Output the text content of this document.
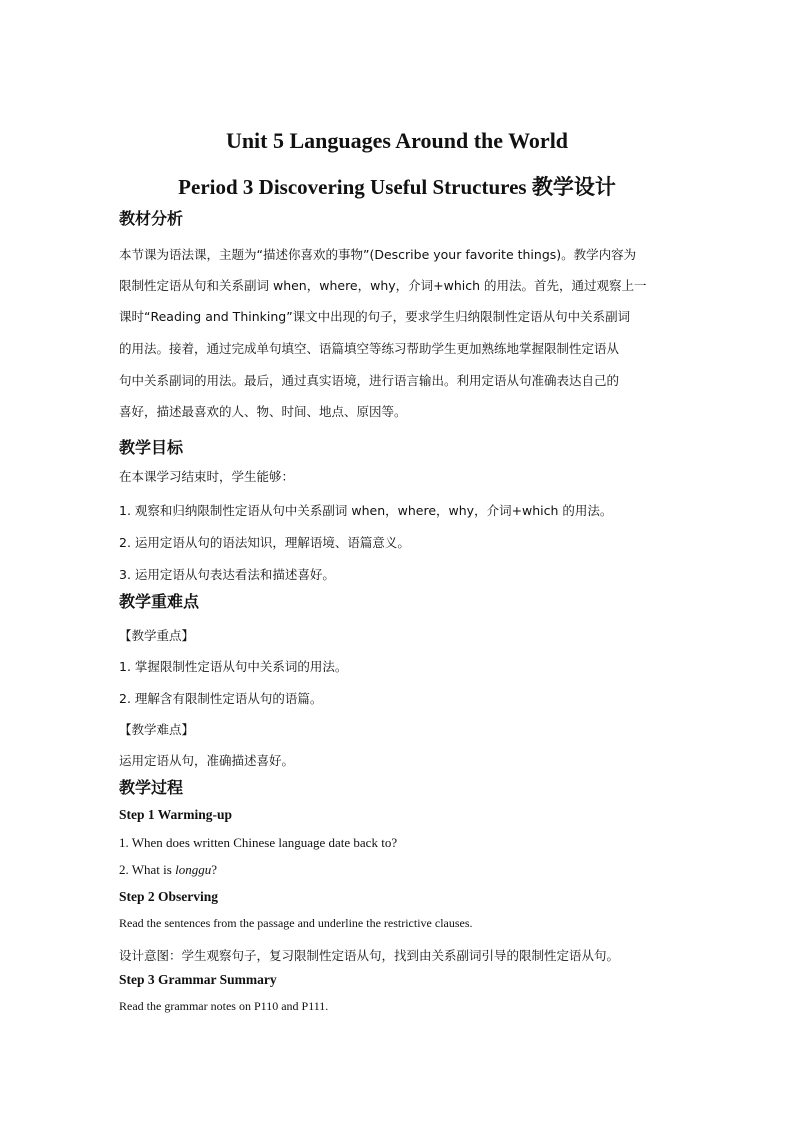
Unit 5 Languages Around the World
Period 3 Discovering Useful Structures 教学设计
教材分析
本节课为语法课，主题为“描述你喜欢的事物”(Describe your favorite things)。教学内容为
限制性定语从句和关系副词 when，where，why，介词+which 的用法。首先，通过观察上一
课时“Reading and Thinking”课文中出现的句子，要求学生归纳限制性定语从句中关系副词
的用法。接着，通过完成单句填空、语篇填空等练习帮助学生更加熟练地掌握限制性定语从
句中关系副词的用法。最后，通过真实语境，进行语言输出。利用定语从句准确表达自己的
喜好，描述最喜欢的人、物、时间、地点、原因等。
教学目标
在本课学习结束时，学生能够：
1. 观察和归纳限制性定语从句中关系副词 when，where，why，介词+which 的用法。
2. 运用定语从句的语法知识，理解语境、语篇意义。
3. 运用定语从句表达看法和描述喜好。
教学重难点
【教学重点】
1. 掌握限制性定语从句中关系词的用法。
2. 理解含有限制性定语从句的语篇。
【教学难点】
运用定语从句，准确描述喜好。
教学过程
Step 1 Warming-up
1. When does written Chinese language date back to?
2. What is longgu?
Step 2 Observing
Read the sentences from the passage and underline the restrictive clauses.
设计意图：学生观察句子，复习限制性定语从句，找到由关系副词引导的限制性定语从句。
Step 3 Grammar Summary
Read the grammar notes on P110 and P111.
